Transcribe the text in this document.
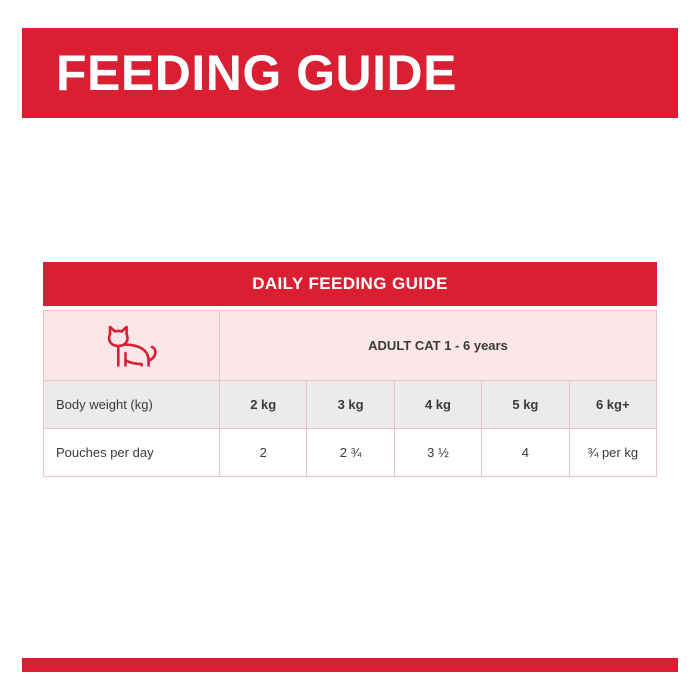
FEEDING GUIDE
DAILY FEEDING GUIDE
	ADULT CAT 1 - 6 years				
Body weight (kg)	2 kg	3 kg	4 kg	5 kg	6 kg+
Pouches per day	2	2 ¾	3 ½	4	¾ per kg
